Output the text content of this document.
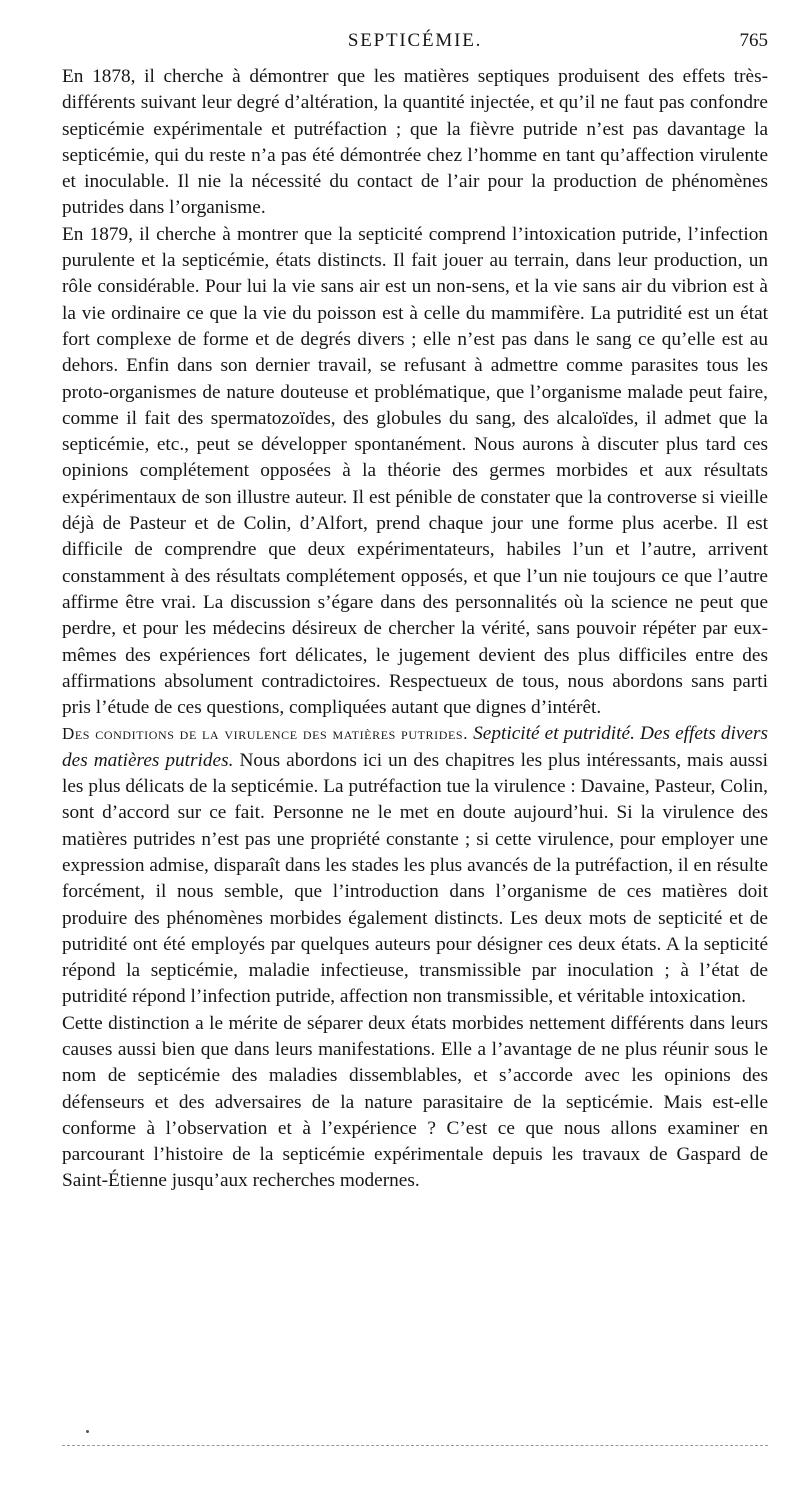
SEPTICÉMIE.	765

En 1878, il cherche à démontrer que les matières septiques produisent des effets très-différents suivant leur degré d’altération, la quantité injectée, et qu’il ne faut pas confondre septicémie expérimentale et putréfaction ; que la fièvre putride n’est pas davantage la septicémie, qui du reste n’a pas été démontrée chez l’homme en tant qu’affection virulente et inoculable. Il nie la nécessité du contact de l’air pour la production de phénomènes putrides dans l’organisme.

En 1879, il cherche à montrer que la septicité comprend l’intoxication putride, l’infection purulente et la septicémie, états distincts. Il fait jouer au terrain, dans leur production, un rôle considérable. Pour lui la vie sans air est un non-sens, et la vie sans air du vibrion est à la vie ordinaire ce que la vie du poisson est à celle du mammifère. La putridité est un état fort complexe de forme et de degrés divers ; elle n’est pas dans le sang ce qu’elle est au dehors. Enfin dans son dernier travail, se refusant à admettre comme parasites tous les proto-organismes de nature douteuse et problématique, que l’organisme malade peut faire, comme il fait des spermatozoïdes, des globules du sang, des alcaloïdes, il admet que la septicémie, etc., peut se développer spontanément. Nous aurons à discuter plus tard ces opinions complétement opposées à la théorie des germes morbides et aux résultats expérimentaux de son illustre auteur. Il est pénible de constater que la controverse si vieille déjà de Pasteur et de Colin, d’Alfort, prend chaque jour une forme plus acerbe. Il est difficile de comprendre que deux expérimentateurs, habiles l’un et l’autre, arrivent constamment à des résultats complétement opposés, et que l’un nie toujours ce que l’autre affirme être vrai. La discussion s’égare dans des personnalités où la science ne peut que perdre, et pour les médecins désireux de chercher la vérité, sans pouvoir répéter par eux-mêmes des expériences fort délicates, le jugement devient des plus difficiles entre des affirmations absolument contradictoires. Respectueux de tous, nous abordons sans parti pris l’étude de ces questions, compliquées autant que dignes d’intérêt.

Des conditions de la virulence des matières putrides. Septicité et putridité. Des effets divers des matières putrides. Nous abordons ici un des chapitres les plus intéressants, mais aussi les plus délicats de la septicémie. La putréfaction tue la virulence : Davaine, Pasteur, Colin, sont d’accord sur ce fait. Personne ne le met en doute aujourd’hui. Si la virulence des matières putrides n’est pas une propriété constante ; si cette virulence, pour employer une expression admise, disparaît dans les stades les plus avancés de la putréfaction, il en résulte forcément, il nous semble, que l’introduction dans l’organisme de ces matières doit produire des phénomènes morbides également distincts. Les deux mots de septicité et de putridité ont été employés par quelques auteurs pour désigner ces deux états. A la septicité répond la septicémie, maladie infectieuse, transmissible par inoculation ; à l’état de putridité répond l’infection putride, affection non transmissible, et véritable intoxication.

Cette distinction a le mérite de séparer deux états morbides nettement différents dans leurs causes aussi bien que dans leurs manifestations. Elle a l’avantage de ne plus réunir sous le nom de septicémie des maladies dissemblables, et s’accorde avec les opinions des défenseurs et des adversaires de la nature parasitaire de la septicémie. Mais est-elle conforme à l’observation et à l’expérience ? C’est ce que nous allons examiner en parcourant l’histoire de la septicémie expérimentale depuis les travaux de Gaspard de Saint-Étienne jusqu’aux recherches modernes.
